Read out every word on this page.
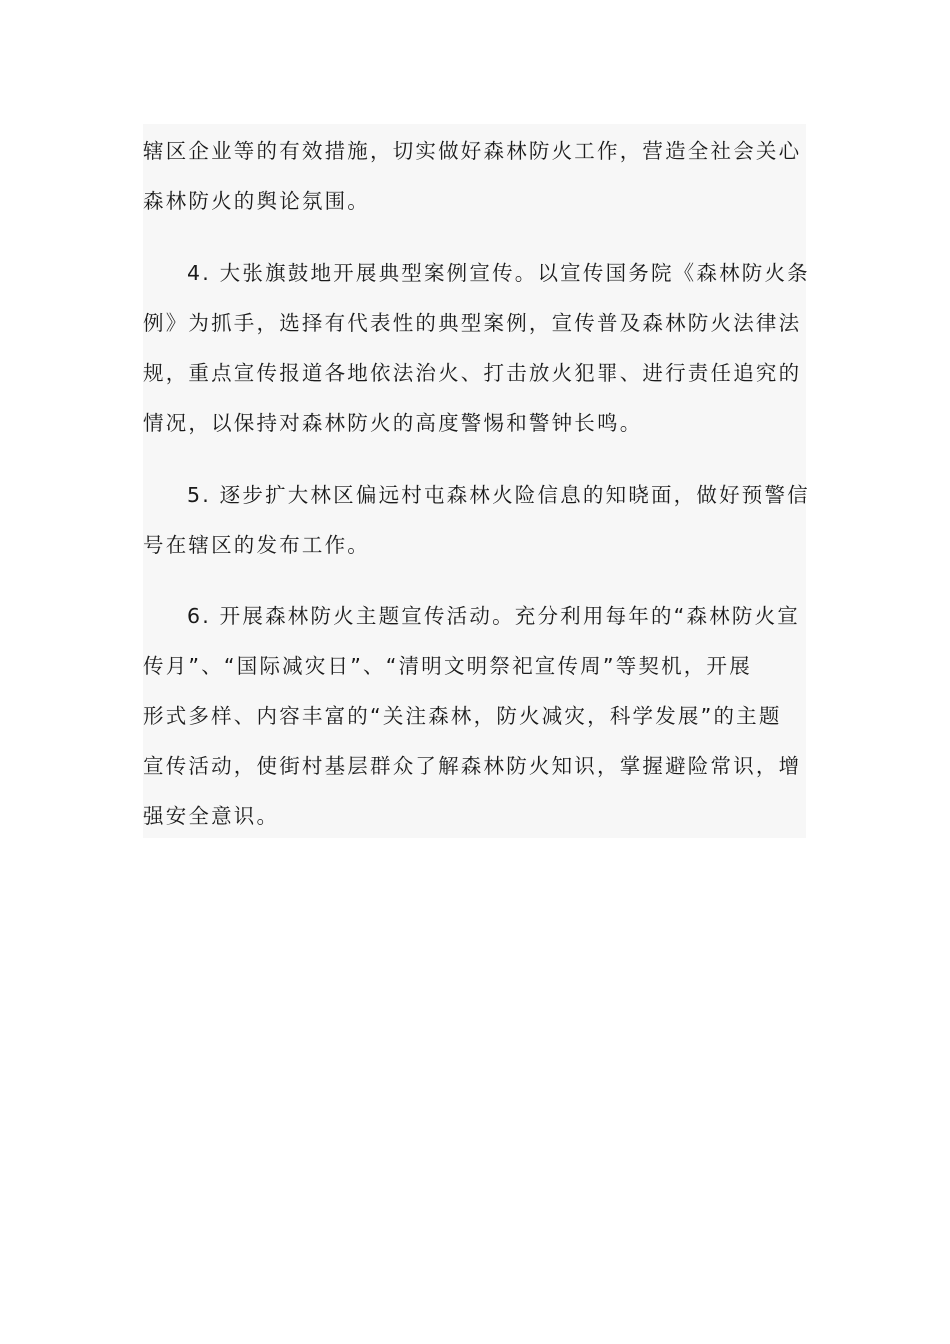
辖区企业等的有效措施，切实做好森林防火工作，营造全社会关心
森林防火的舆论氛围。

4. 大张旗鼓地开展典型案例宣传。以宣传国务院《森林防火条
例》为抓手，选择有代表性的典型案例，宣传普及森林防火法律法
规，重点宣传报道各地依法治火、打击放火犯罪、进行责任追究的
情况，以保持对森林防火的高度警惕和警钟长鸣。

5. 逐步扩大林区偏远村屯森林火险信息的知晓面，做好预警信
号在辖区的发布工作。

6. 开展森林防火主题宣传活动。充分利用每年的“森林防火宣
传月”、“国际减灾日”、“清明文明祭祀宣传周”等契机，开展
形式多样、内容丰富的“关注森林，防火减灾，科学发展”的主题
宣传活动，使街村基层群众了解森林防火知识，掌握避险常识，增
强安全意识。
